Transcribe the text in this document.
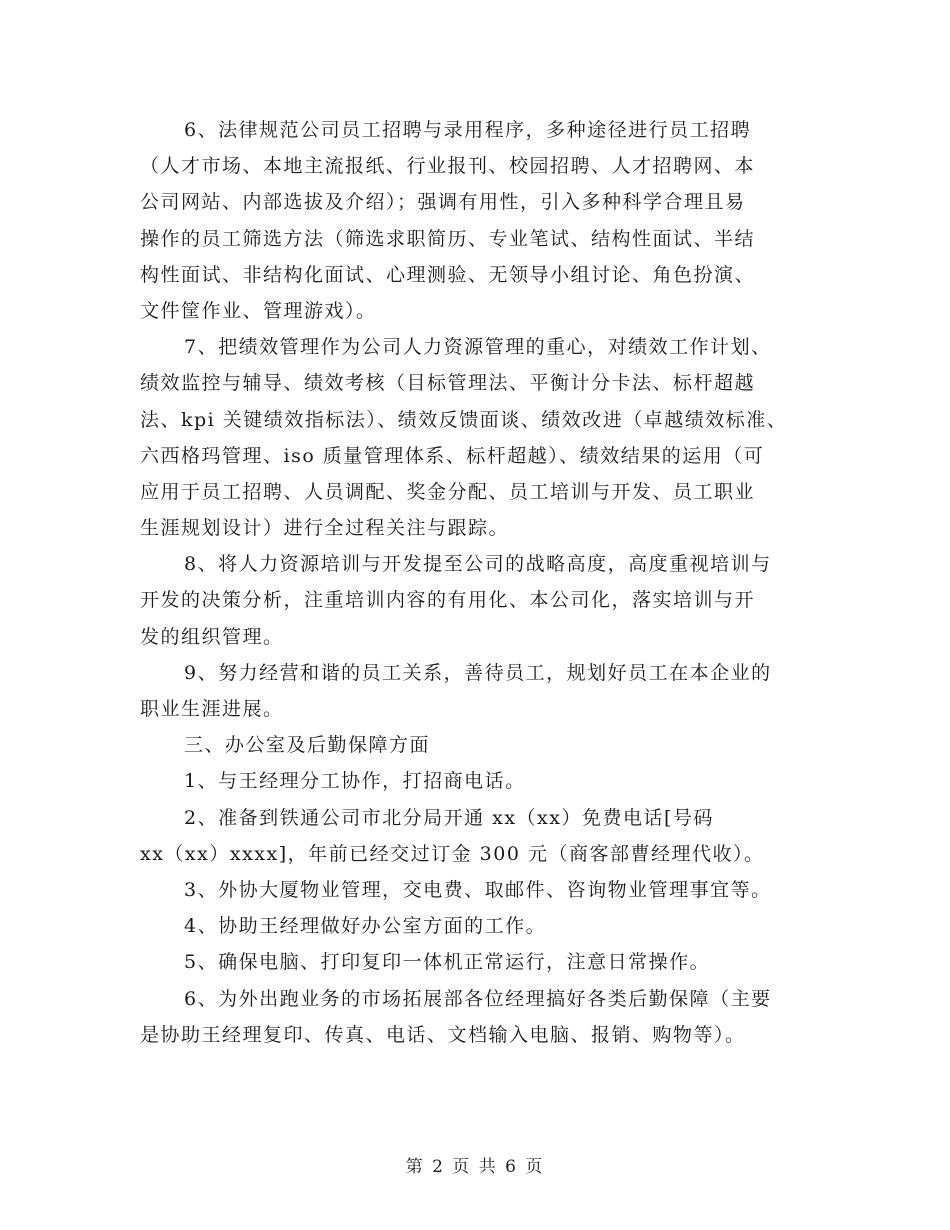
6、法律规范公司员工招聘与录用程序，多种途径进行员工招聘
（人才市场、本地主流报纸、行业报刊、校园招聘、人才招聘网、本
公司网站、内部选拔及介绍）；强调有用性，引入多种科学合理且易
操作的员工筛选方法（筛选求职简历、专业笔试、结构性面试、半结
构性面试、非结构化面试、心理测验、无领导小组讨论、角色扮演、
文件筐作业、管理游戏）。
7、把绩效管理作为公司人力资源管理的重心，对绩效工作计划、
绩效监控与辅导、绩效考核（目标管理法、平衡计分卡法、标杆超越
法、kpi 关键绩效指标法）、绩效反馈面谈、绩效改进（卓越绩效标准、
六西格玛管理、iso 质量管理体系、标杆超越）、绩效结果的运用（可
应用于员工招聘、人员调配、奖金分配、员工培训与开发、员工职业
生涯规划设计）进行全过程关注与跟踪。
8、将人力资源培训与开发提至公司的战略高度，高度重视培训与
开发的决策分析，注重培训内容的有用化、本公司化，落实培训与开
发的组织管理。
9、努力经营和谐的员工关系，善待员工，规划好员工在本企业的
职业生涯进展。
三、办公室及后勤保障方面
1、与王经理分工协作，打招商电话。
2、准备到铁通公司市北分局开通 xx（xx）免费电话[号码
xx（xx）xxxx]，年前已经交过订金 300 元（商客部曹经理代收）。
3、外协大厦物业管理，交电费、取邮件、咨询物业管理事宜等。
4、协助王经理做好办公室方面的工作。
5、确保电脑、打印复印一体机正常运行，注意日常操作。
6、为外出跑业务的市场拓展部各位经理搞好各类后勤保障（主要
是协助王经理复印、传真、电话、文档输入电脑、报销、购物等）。
第 2 页 共 6 页
